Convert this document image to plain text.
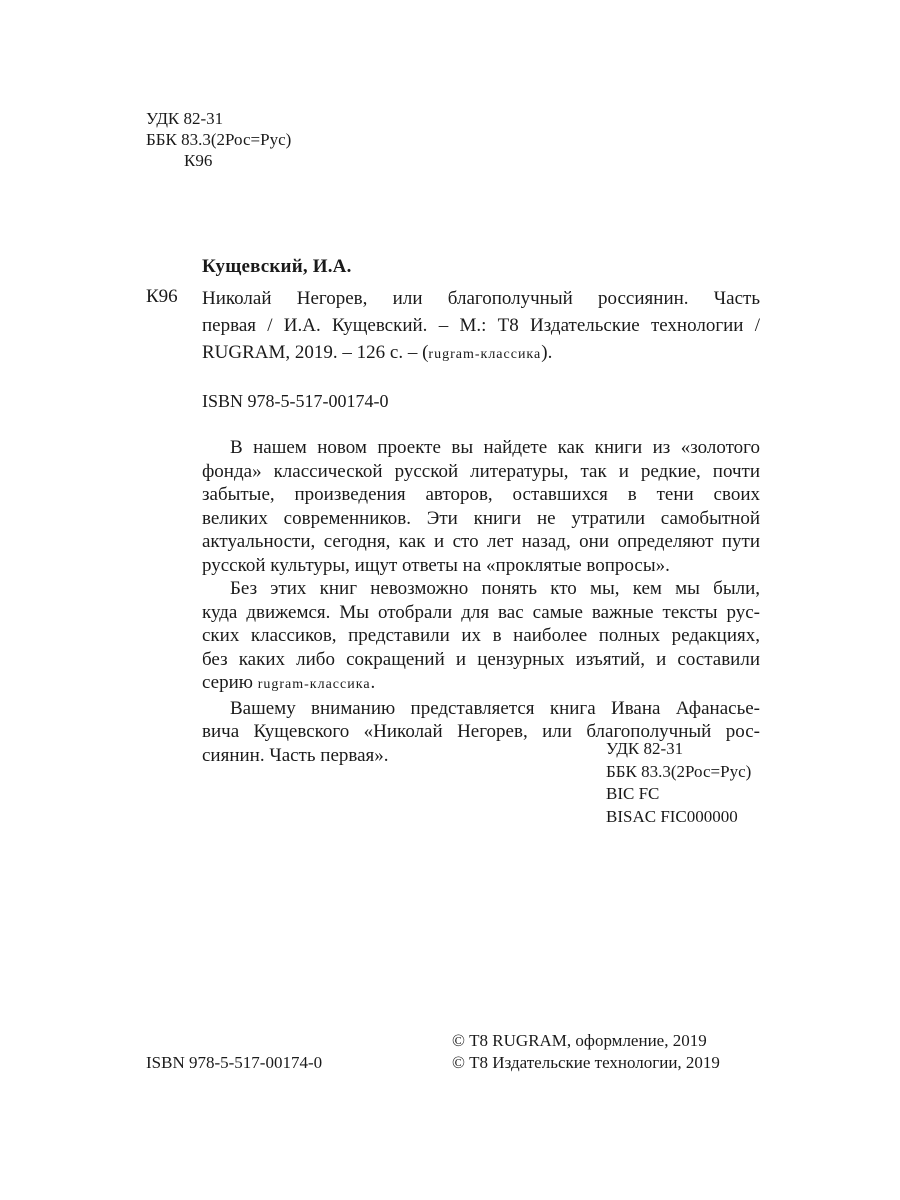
УДК 82-31
ББК 83.3(2Рос=Рус)
К96
Кущевский, И.А.
К96 Николай Негорев, или благополучный россиянин. Часть
первая / И.А. Кущевский. – М.: Т8 Издательские технологии /
RUGRAM, 2019. – 126 с. – (rugram-классика).
ISBN 978-5-517-00174-0
В нашем новом проекте вы найдете как книги из «золотого
фонда» классической русской литературы, так и редкие, почти
забытые, произведения авторов, оставшихся в тени своих
великих современников. Эти книги не утратили самобытной
актуальности, сегодня, как и сто лет назад, они определяют пути
русской культуры, ищут ответы на «проклятые вопросы».
Без этих книг невозможно понять кто мы, кем мы были,
куда движемся. Мы отобрали для вас самые важные тексты рус-
ских классиков, представили их в наиболее полных редакциях,
без каких либо сокращений и цензурных изъятий, и составили
серию rugram-классика.
Вашему вниманию представляется книга Ивана Афанасье-
вича Кущевского «Николай Негорев, или благополучный рос-
сиянин. Часть первая».	УДК 82-31
ББК 83.3(2Рос=Рус)
BIC FC
BISAC FIC000000
ISBN 978-5-517-00174-0
© Т8 RUGRAM, оформление, 2019
© Т8 Издательские технологии, 2019
